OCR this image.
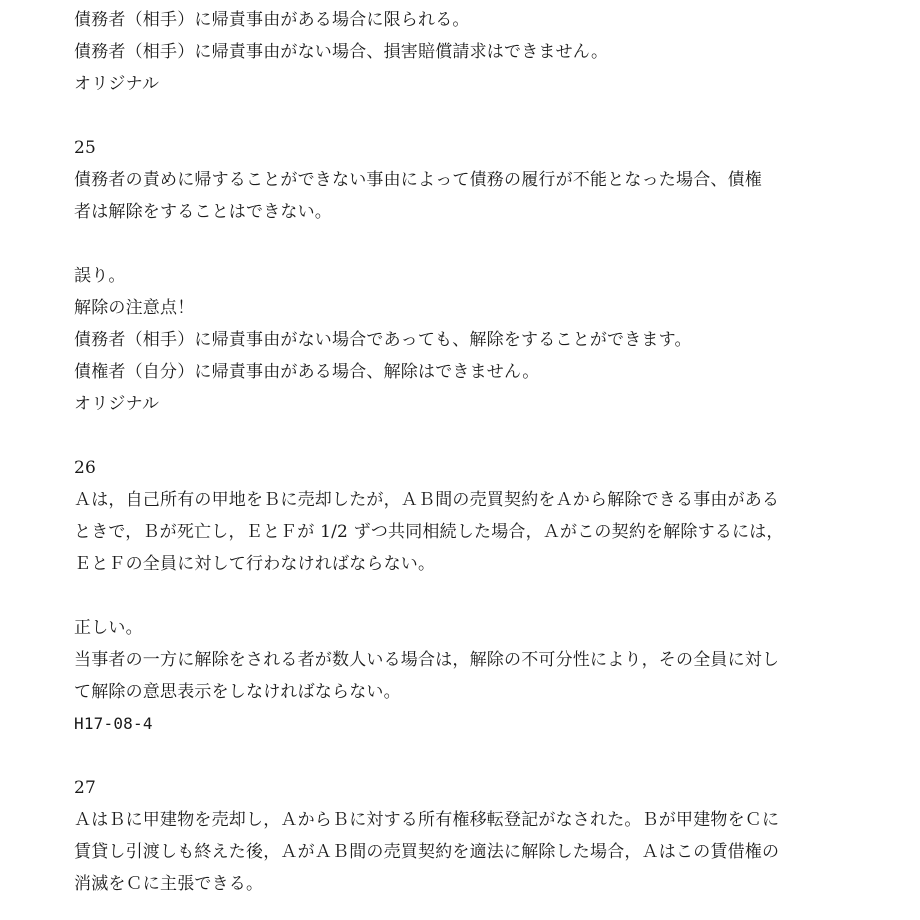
債務者（相手）に帰責事由がある場合に限られる。
債務者（相手）に帰責事由がない場合、損害賠償請求はできません。
オリジナル
25
債務者の責めに帰することができない事由によって債務の履行が不能となった場合、債権
者は解除をすることはできない。
誤り。
解除の注意点！
債務者（相手）に帰責事由がない場合であっても、解除をすることができます。
債権者（自分）に帰責事由がある場合、解除はできません。
オリジナル
26
Ａは，自己所有の甲地をＢに売却したが，ＡＢ間の売買契約をＡから解除できる事由がある
ときで，Ｂが死亡し，ＥとＦが 1/2 ずつ共同相続した場合，Ａがこの契約を解除するには，
ＥとＦの全員に対して行わなければならない。
正しい。
当事者の一方に解除をされる者が数人いる場合は，解除の不可分性により，その全員に対し
て解除の意思表示をしなければならない。
H17-08-4
27
ＡはＢに甲建物を売却し，ＡからＢに対する所有権移転登記がなされた。Ｂが甲建物をＣに
賃貸し引渡しも終えた後，ＡがＡＢ間の売買契約を適法に解除した場合，Ａはこの賃借権の
消滅をＣに主張できる。
